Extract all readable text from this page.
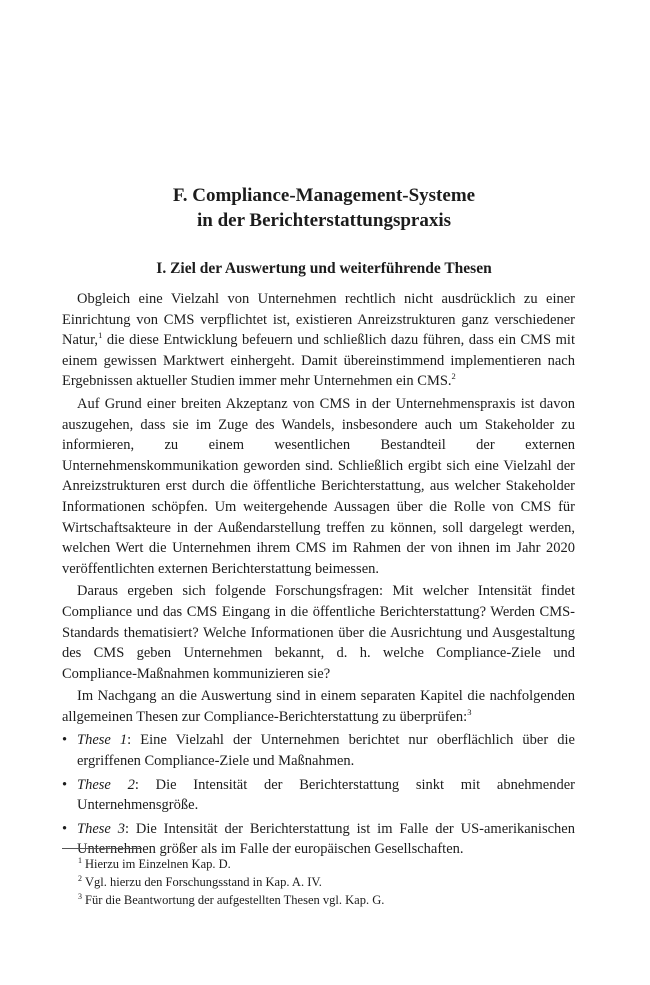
F. Compliance-Management-Systeme
in der Berichterstattungspraxis
I. Ziel der Auswertung und weiterführende Thesen

Obgleich eine Vielzahl von Unternehmen rechtlich nicht ausdrücklich zu einer Einrichtung von CMS verpflichtet ist, existieren Anreizstrukturen ganz verschiedener Natur,$^1$ die diese Entwicklung befeuern und schließlich dazu führen, dass ein CMS mit einem gewissen Marktwert einhergeht. Damit übereinstimmend implementieren nach Ergebnissen aktueller Studien immer mehr Unternehmen ein CMS.$^2$

Auf Grund einer breiten Akzeptanz von CMS in der Unternehmenspraxis ist davon auszugehen, dass sie im Zuge des Wandels, insbesondere auch um Stakeholder zu informieren, zu einem wesentlichen Bestandteil der externen Unternehmenskommunikation geworden sind. Schließlich ergibt sich eine Vielzahl der Anreizstrukturen erst durch die öffentliche Berichterstattung, aus welcher Stakeholder Informationen schöpfen. Um weitergehende Aussagen über die Rolle von CMS für Wirtschaftsakteure in der Außendarstellung treffen zu können, soll dargelegt werden, welchen Wert die Unternehmen ihrem CMS im Rahmen der von ihnen im Jahr 2020 veröffentlichten externen Berichterstattung beimessen.

Daraus ergeben sich folgende Forschungsfragen: Mit welcher Intensität findet Compliance und das CMS Eingang in die öffentliche Berichterstattung? Werden CMS-Standards thematisiert? Welche Informationen über die Ausrichtung und Ausgestaltung des CMS geben Unternehmen bekannt, d. h. welche Compliance-Ziele und Compliance-Maßnahmen kommunizieren sie?

Im Nachgang an die Auswertung sind in einem separaten Kapitel die nachfolgenden allgemeinen Thesen zur Compliance-Berichterstattung zu überprüfen:$^3$

• These 1: Eine Vielzahl der Unternehmen berichtet nur oberflächlich über die ergriffenen Compliance-Ziele und Maßnahmen.
• These 2: Die Intensität der Berichterstattung sinkt mit abnehmender Unternehmensgröße.
• These 3: Die Intensität der Berichterstattung ist im Falle der US-amerikanischen Unternehmen größer als im Falle der europäischen Gesellschaften.
$^1$ Hierzu im Einzelnen Kap. D.
$^2$ Vgl. hierzu den Forschungsstand in Kap. A. IV.
$^3$ Für die Beantwortung der aufgestellten Thesen vgl. Kap. G.
